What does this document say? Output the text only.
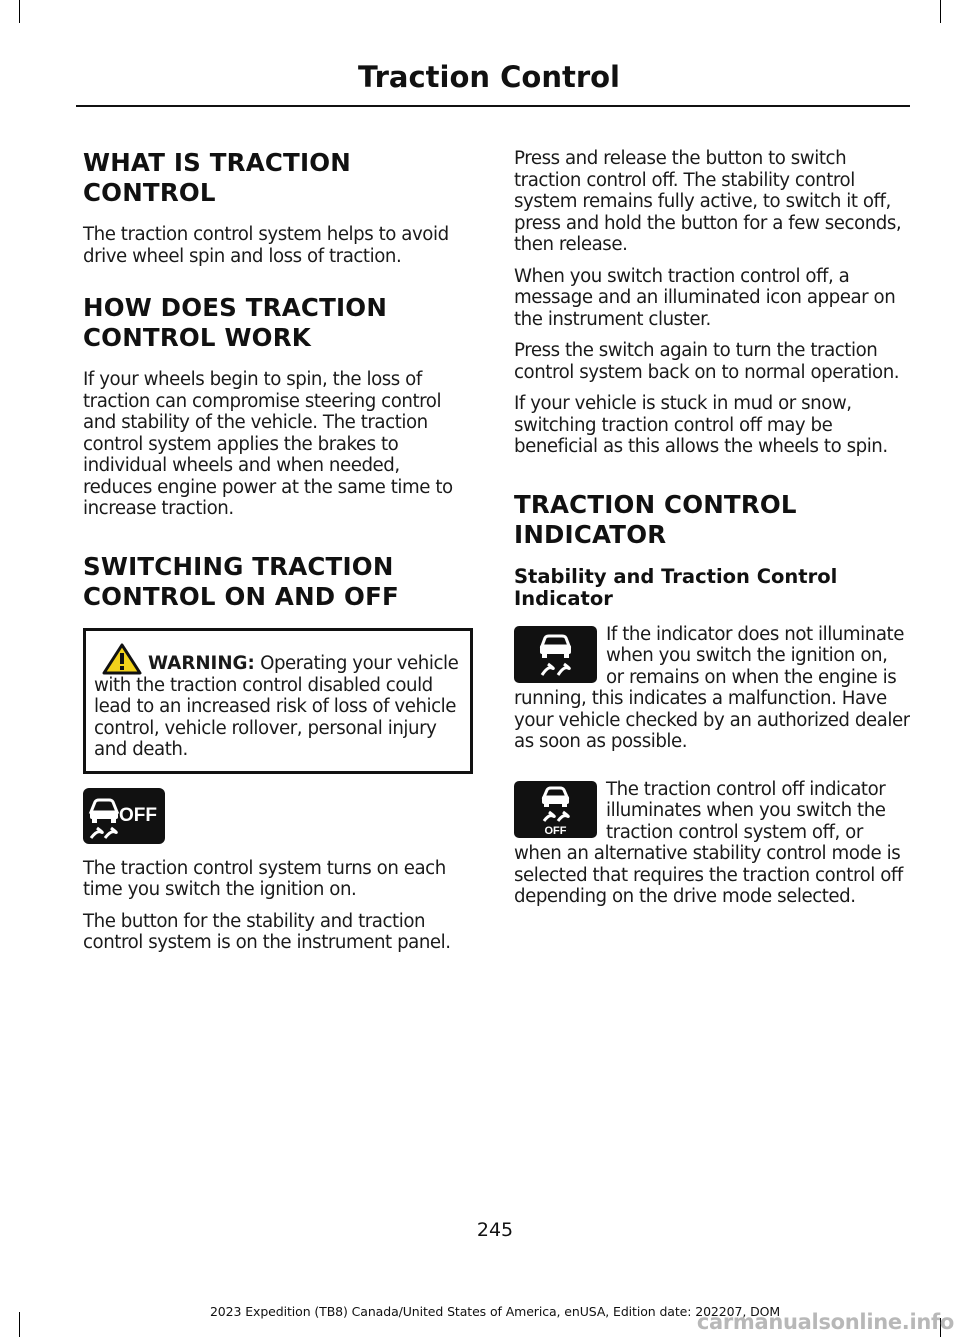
Traction Control
WHAT IS TRACTION CONTROL

The traction control system helps to avoid drive wheel spin and loss of traction.

HOW DOES TRACTION CONTROL WORK

If your wheels begin to spin, the loss of traction can compromise steering control and stability of the vehicle. The traction control system applies the brakes to individual wheels and when needed, reduces engine power at the same time to increase traction.

SWITCHING TRACTION CONTROL ON AND OFF

WARNING: Operating your vehicle with the traction control disabled could lead to an increased risk of loss of vehicle control, vehicle rollover, personal injury and death.

OFF

The traction control system turns on each time you switch the ignition on.

The button for the stability and traction control system is on the instrument panel.

Press and release the button to switch traction control off. The stability control system remains fully active, to switch it off, press and hold the button for a few seconds, then release.

When you switch traction control off, a message and an illuminated icon appear on the instrument cluster.

Press the switch again to turn the traction control system back on to normal operation.

If your vehicle is stuck in mud or snow, switching traction control off may be beneficial as this allows the wheels to spin.

TRACTION CONTROL INDICATOR
Stability and Traction Control Indicator

If the indicator does not illuminate when you switch the ignition on, or remains on when the engine is running, this indicates a malfunction. Have your vehicle checked by an authorized dealer as soon as possible.

OFF

The traction control off indicator illuminates when you switch the traction control system off, or when an alternative stability control mode is selected that requires the traction control off depending on the drive mode selected.

245
2023 Expedition (TB8) Canada/United States of America, enUSA, Edition date: 202207, DOM
carmanualsonline.info
